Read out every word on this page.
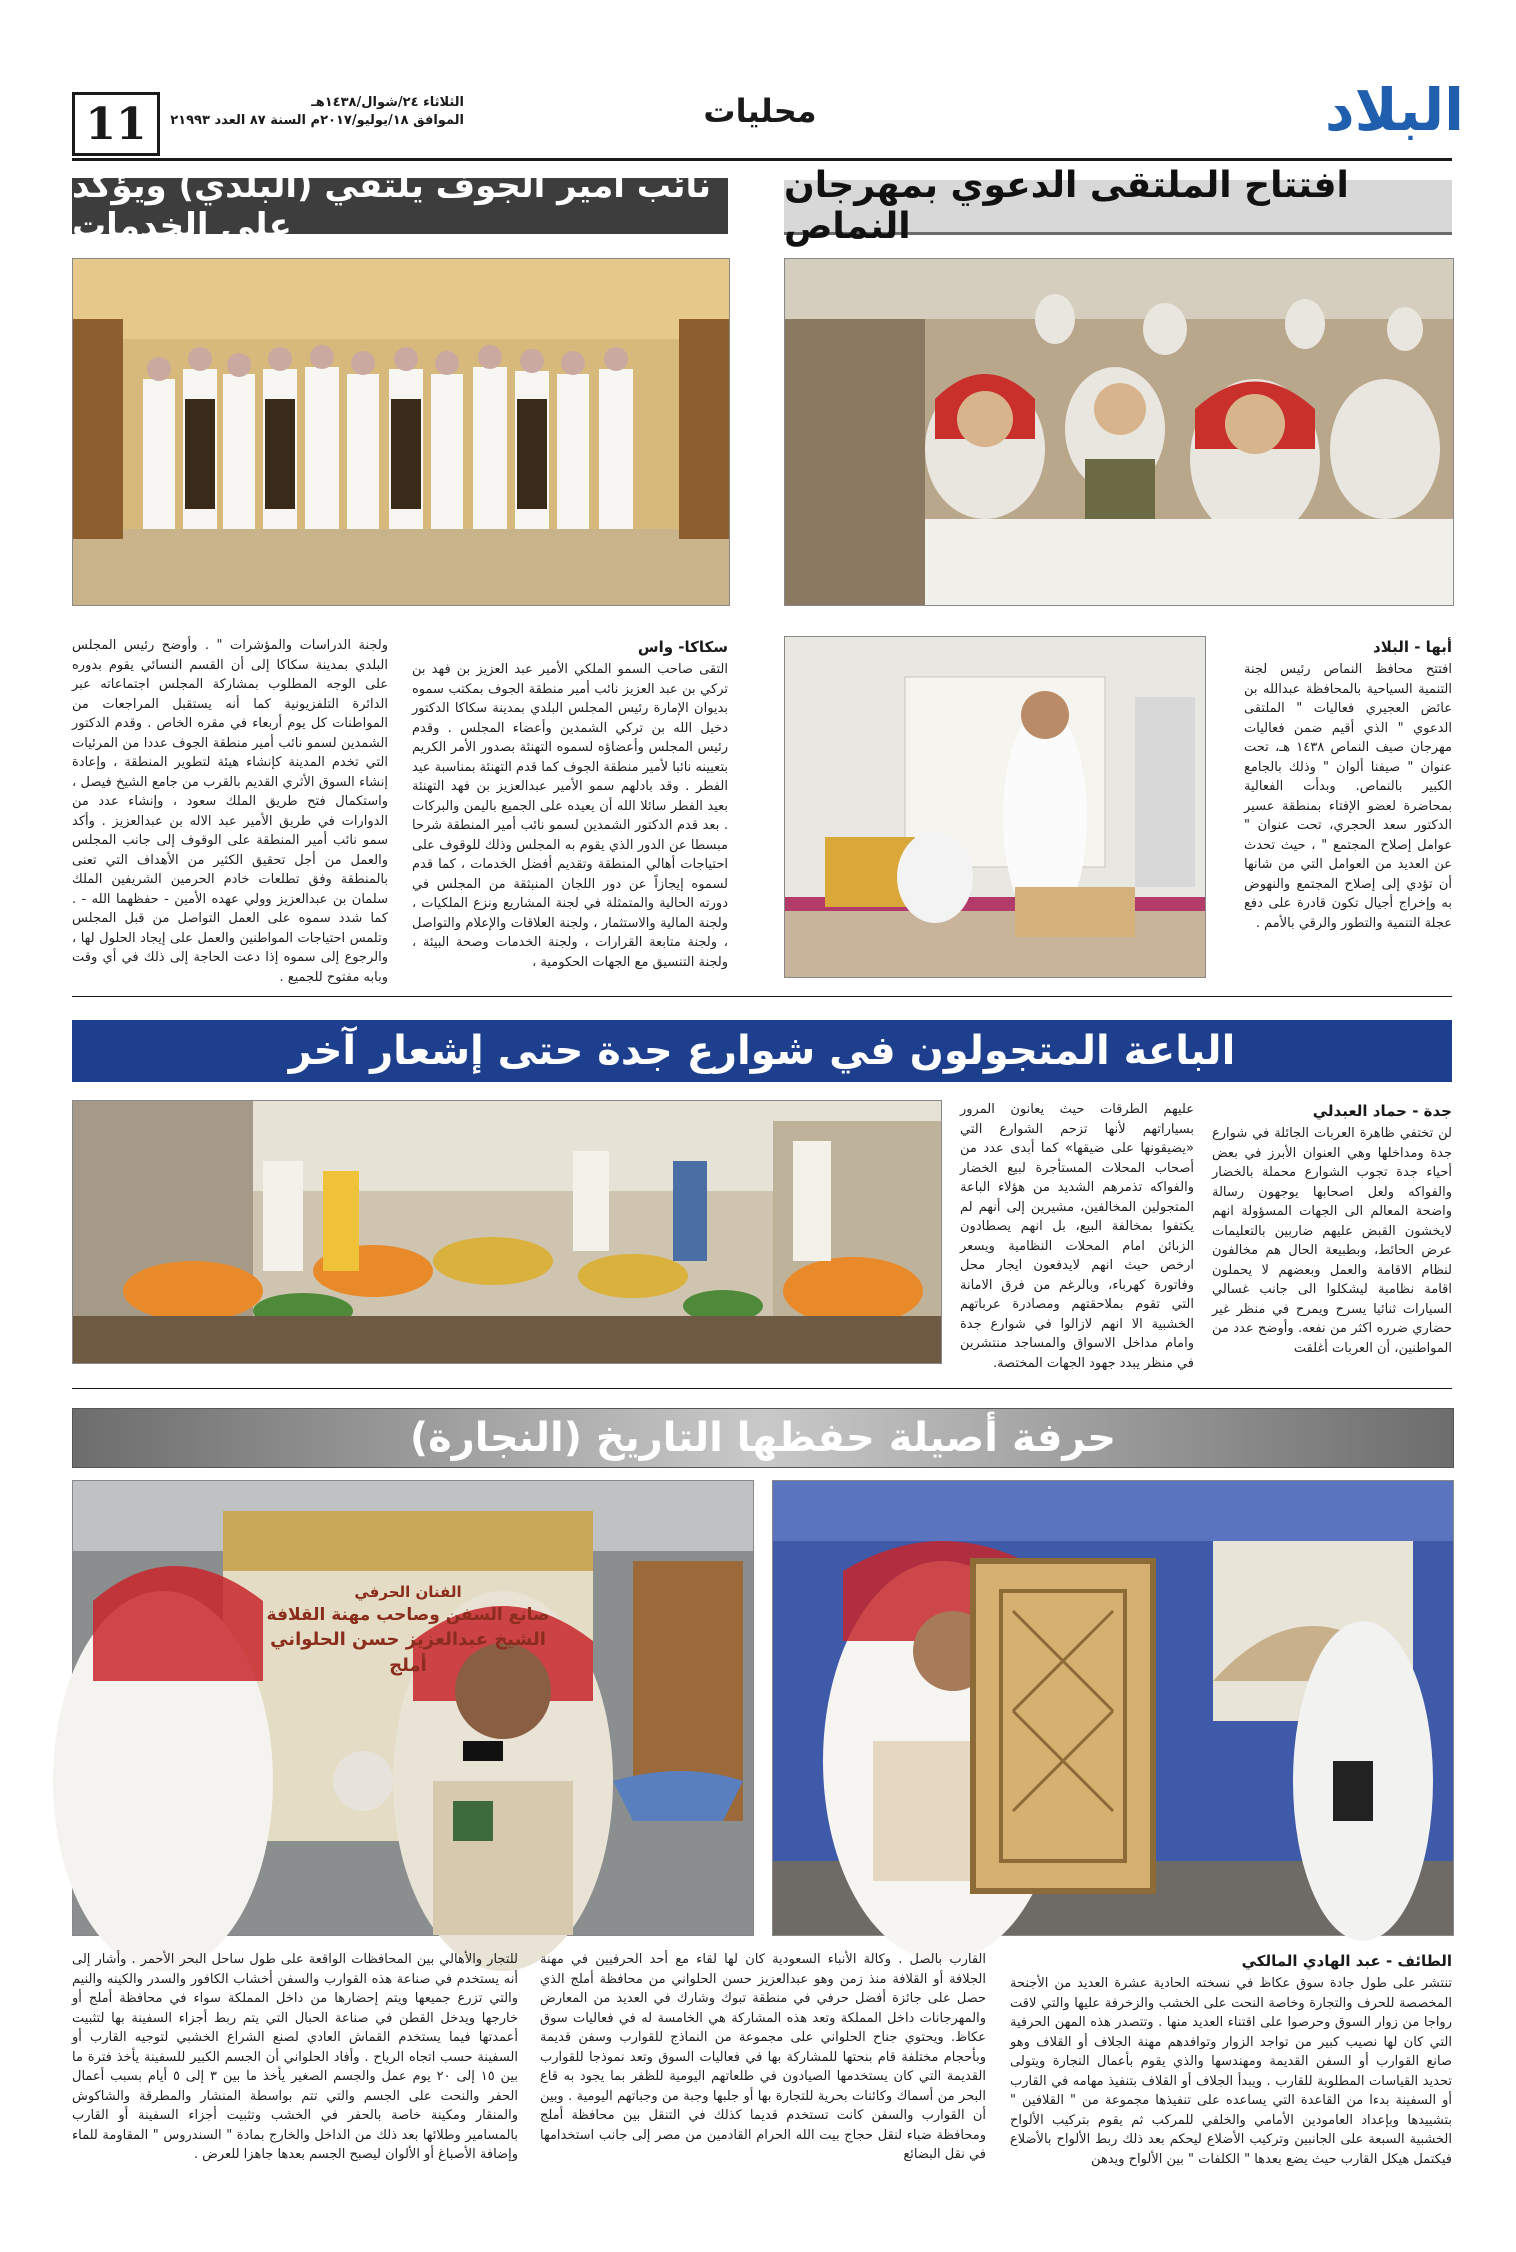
البلاد
محليات
11	الثلاثاء ٢٤/شوال/١٤٣٨هـ
الموافق ١٨/يوليو/٢٠١٧م السنة ٨٧ العدد ٢١٩٩٣
افتتاح الملتقى الدعوي بمهرجان النماص
أبها - البلاد
افتتح محافظ النماص رئيس لجنة التنمية السياحية بالمحافظة عبدالله بن عائض العجيري فعاليات " الملتقى الدعوي " الذي أقيم ضمن فعاليات مهرجان صيف النماص ١٤٣٨ هـ، تحت عنوان " صيفنا ألوان " وذلك بالجامع الكبير بالنماص. وبدأت الفعالية بمحاضرة لعضو الإفتاء بمنطقة عسير الدكتور سعد الحجري، تحت عنوان " عوامل إصلاح المجتمع " ، حيث تحدث عن العديد من العوامل التي من شانها أن تؤدي إلى إصلاح المجتمع والنهوض به وإخراج أجيال تكون قادرة على دفع عجلة التنمية والتطور والرقي بالأمم .
نائب أمير الجوف يلتقي (البلدي) ويؤكد على الخدمات
سكاكا- واس
التقى صاحب السمو الملكي الأمير عبد العزيز بن فهد بن تركي بن عبد العزيز نائب أمير منطقة الجوف بمكتب سموه بديوان الإمارة رئيس المجلس البلدي بمدينة سكاكا الدكتور دخيل الله بن تركي الشمدين وأعضاء المجلس . وقدم رئيس المجلس وأعضاؤه لسموه التهنئة بصدور الأمر الكريم بتعيينه نائبا لأمير منطقة الجوف كما قدم التهنئة بمناسبة عيد الفطر . وقد بادلهم سمو الأمير عبدالعزيز بن فهد التهنئة بعيد الفطر سائلا الله أن يعيده على الجميع باليمن والبركات . بعد قدم الدكتور الشمدين لسمو نائب أمير المنطقة شرحا مبسطا عن الدور الذي يقوم به المجلس وذلك للوقوف على احتياجات أهالي المنطقة وتقديم أفضل الخدمات ، كما قدم لسموه إيجازاً عن دور اللجان المنبثقة من المجلس في دورته الحالية والمتمثلة في لجنة المشاريع ونزع الملكيات ، ولجنة المالية والاستثمار ، ولجنة العلاقات والإعلام والتواصل ، ولجنة متابعة القرارات ، ولجنة الخدمات وصحة البيئة ، ولجنة التنسيق مع الجهات الحكومية ،
ولجنة الدراسات والمؤشرات " . وأوضح رئيس المجلس البلدي بمدينة سكاكا إلى أن القسم النسائي يقوم بدوره على الوجه المطلوب بمشاركة المجلس اجتماعاته عبر الدائرة التلفزيونية كما أنه يستقبل المراجعات من المواطنات كل يوم أربعاء في مقره الخاص . وقدم الدكتور الشمدين لسمو نائب أمير منطقة الجوف عددا من المرئيات التي تخدم المدينة كإنشاء هيئة لتطوير المنطقة ، وإعادة إنشاء السوق الأثري القديم بالقرب من جامع الشيخ فيصل ، واستكمال فتح طريق الملك سعود ، وإنشاء عدد من الدوارات في طريق الأمير عبد الاله بن عبدالعزيز . وأكد سمو نائب أمير المنطقة على الوقوف إلى جانب المجلس والعمل من أجل تحقيق الكثير من الأهداف التي تعنى بالمنطقة وفق تطلعات خادم الحرمين الشريفين الملك سلمان بن عبدالعزيز وولي عهده الأمين - حفظهما الله - . كما شدد سموه على العمل التواصل من قبل المجلس وتلمس احتياجات المواطنين والعمل على إيجاد الحلول لها ، والرجوع إلى سموه إذا دعت الحاجة إلى ذلك في أي وقت وبابه مفتوح للجميع .
الباعة المتجولون في شوارع جدة حتى إشعار آخر
جدة - حماد العبدلي
لن تختفي ظاهرة العربات الجائلة في شوارع جدة ومداخلها وهي العنوان الأبرز في بعض أحياء جدة تجوب الشوارع محملة بالخضار والفواكه ولعل اصحابها يوجهون رسالة واضحة المعالم الى الجهات المسؤولة انهم لايخشون القبض عليهم ضاربين بالتعليمات عرض الحائط، وبطبيعة الحال هم مخالفون لنظام الاقامة والعمل وبعضهم لا يحملون اقامة نظامية ليشكلوا الى جانب غسالي السيارات ثنائيا يسرح ويمرح في منظر غير حضاري ضرره اكثر من نفعه. وأوضح عدد من المواطنين، أن العربات أغلقت
عليهم الطرقات حيث يعانون المرور بسياراتهم لأنها تزحم الشوارع التي «يضيقونها على ضيقها» كما أبدى عدد من أصحاب المحلات المستأجرة لبيع الخضار والفواكه تذمرهم الشديد من هؤلاء الباعة المتجولين المخالفين، مشيرين إلى أنهم لم يكتفوا بمخالفة البيع، بل انهم يصطادون الزبائن امام المحلات النظامية ويسعر ارخص حيث انهم لايدفعون ايجار محل وفاتورة كهرباء، وبالرغم من فرق الامانة التي تقوم بملاحقتهم ومصادرة عرباتهم الخشبية الا انهم لازالوا في شوارع جدة وامام مداخل الاسواق والمساجد منتشرين في منظر يبدد جهود الجهات المختصة.
(النجارة) حرفة أصيلة حفظها التاريخ
الفنان الحرفي
صانع السفن وصاحب مهنة القلافة
الشيخ عبدالعزيز حسن الحلواني
أملج
الطائف - عبد الهادي المالكي
تنتشر على طول جادة سوق عكاظ في نسخته الحادية عشرة العديد من الأجنحة المخصصة للحرف والتجارة وخاصة النحت على الخشب والزخرفة عليها والتي لاقت رواجا من زوار السوق وحرصوا على اقتناء العديد منها . وتتصدر هذه المهن الحرفية التي كان لها نصيب كبير من تواجد الزوار وتوافدهم مهنة الجلاف أو القلاف وهو صانع القوارب أو السفن القديمة ومهندسها والذي يقوم بأعمال النجارة ويتولى تحديد القياسات المطلوبة للقارب . ويبدأ الجلاف أو القلاف بتنفيذ مهامه في القارب أو السفينة بدءا من القاعدة التي يساعده على تنفيذها مجموعة من " القلافين " بتشييدها وبإعداد العامودين الأمامي والخلفي للمركب ثم يقوم بتركيب الألواح الخشبية السبعة على الجانبين وتركيب الأضلاع ليحكم بعد ذلك ربط الألواح بالأضلاع فيكتمل هيكل القارب حيث يضع بعدها " الكلفات " بين الألواح ويدهن
القارب بالصل . وكالة الأنباء السعودية كان لها لقاء مع أحد الحرفيين في مهنة الجلافة أو القلافة منذ زمن وهو عبدالعزيز حسن الحلواني من محافظة أملج الذي حصل على جائزة أفضل حرفي في منطقة تبوك وشارك في العديد من المعارض والمهرجانات داخل المملكة وتعد هذه المشاركة هي الخامسة له في فعاليات سوق عكاظ. ويحتوي جناح الحلواني على مجموعة من النماذج للقوارب وسفن قديمة وبأحجام مختلفة قام بنحتها للمشاركة بها في فعاليات السوق وتعد نموذجا للقوارب القديمة التي كان يستخدمها الصيادون في طلعاتهم اليومية للظفر بما يجود به قاع البحر من أسماك وكائنات بحرية للتجارة بها أو جلبها وجبة من وجباتهم اليومية . وبين أن القوارب والسفن كانت تستخدم قديما كذلك في التنقل بين محافظة أملج ومحافظة ضباء لنقل حجاج بيت الله الحرام القادمين من مصر إلى جانب استخدامها في نقل البضائع
للتجار والأهالي بين المحافظات الواقعة على طول ساحل البحر الأحمر . وأشار إلى أنه يستخدم في صناعة هذه القوارب والسفن أخشاب الكافور والسدر والكينه والنيم والتي تزرع جميعها ويتم إحضارها من داخل المملكة سواء في محافظة أملج أو خارجها ويدخل القطن في صناعة الحبال التي يتم ربط أجزاء السفينة بها لتثبيت أعمدتها فيما يستخدم القماش العادي لصنع الشراع الخشبي لتوجيه القارب أو السفينة حسب اتجاه الرياح . وأفاد الحلواني أن الجسم الكبير للسفينة يأخذ فترة ما بين ١٥ إلى ٢٠ يوم عمل والجسم الصغير يأخذ ما بين ٣ إلى ٥ أيام بسبب أعمال الحفر والنحت على الجسم والتي تتم بواسطة المنشار والمطرقة والشاكوش والمنقار ومكينة خاصة بالحفر في الخشب وتثبيت أجزاء السفينة أو القارب بالمسامير وطلائها بعد ذلك من الداخل والخارج بمادة " السندروس " المقاومة للماء وإضافة الأصباغ أو الألوان ليصبح الجسم بعدها جاهزا للعرض .
